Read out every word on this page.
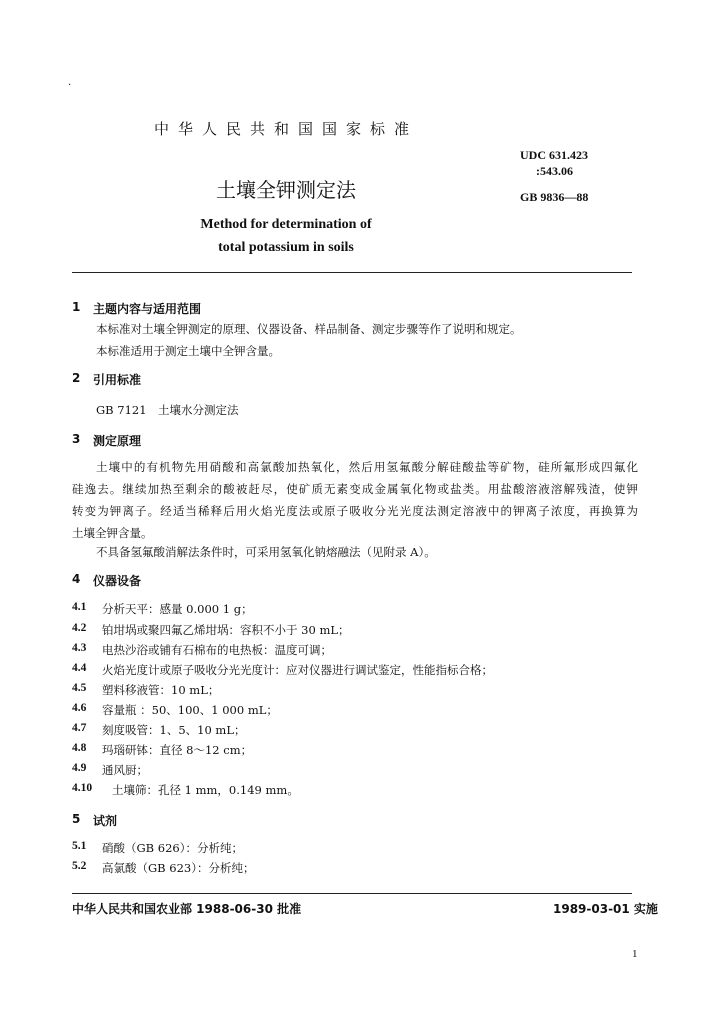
.
中华人民共和国国家标准
UDC 631.423
:543.06
土壤全钾测定法	GB 9836—88
Method for determination of
total potassium in soils
1 主题内容与适用范围
本标准对土壤全钾测定的原理、仪器设备、样品制备、测定步骤等作了说明和规定。
本标准适用于测定土壤中全钾含量。
2 引用标准
GB 7121　土壤水分测定法
3 测定原理
土壤中的有机物先用硝酸和高氯酸加热氧化，然后用氢氟酸分解硅酸盐等矿物，硅所氟形成四氟化
硅逸去。继续加热至剩余的酸被赶尽，使矿质无素变成金属氧化物或盐类。用盐酸溶液溶解残渣，使钾
转变为钾离子。经适当稀释后用火焰光度法或原子吸收分光光度法测定溶液中的钾离子浓度，再换算为
土壤全钾含量。
不具备氢氟酸消解法条件时，可采用氢氧化钠熔融法（见附录 A）。
4 仪器设备
4.1 分析天平：感量 0.000 1 g；
4.2 铂坩埚或聚四氟乙烯坩埚：容积不小于 30 mL；
4.3 电热沙浴或铺有石棉布的电热板：温度可调；
4.4 火焰光度计或原子吸收分光光度计：应对仪器进行调试鉴定，性能指标合格；
4.5 塑料移液管：10 mL；
4.6 容量瓶 ：50、100、1 000 mL；
4.7 刻度吸管：1、5、10 mL；
4.8 玛瑙研钵：直径 8～12 cm；
4.9 通风厨；
4.10 土壤筛：孔径 1 mm，0.149 mm。
5 试剂
5.1 硝酸（GB 626）：分析纯；
5.2 高氯酸（GB 623）：分析纯；
中华人民共和国农业部 1988-06-30 批准	1989-03-01 实施
1
